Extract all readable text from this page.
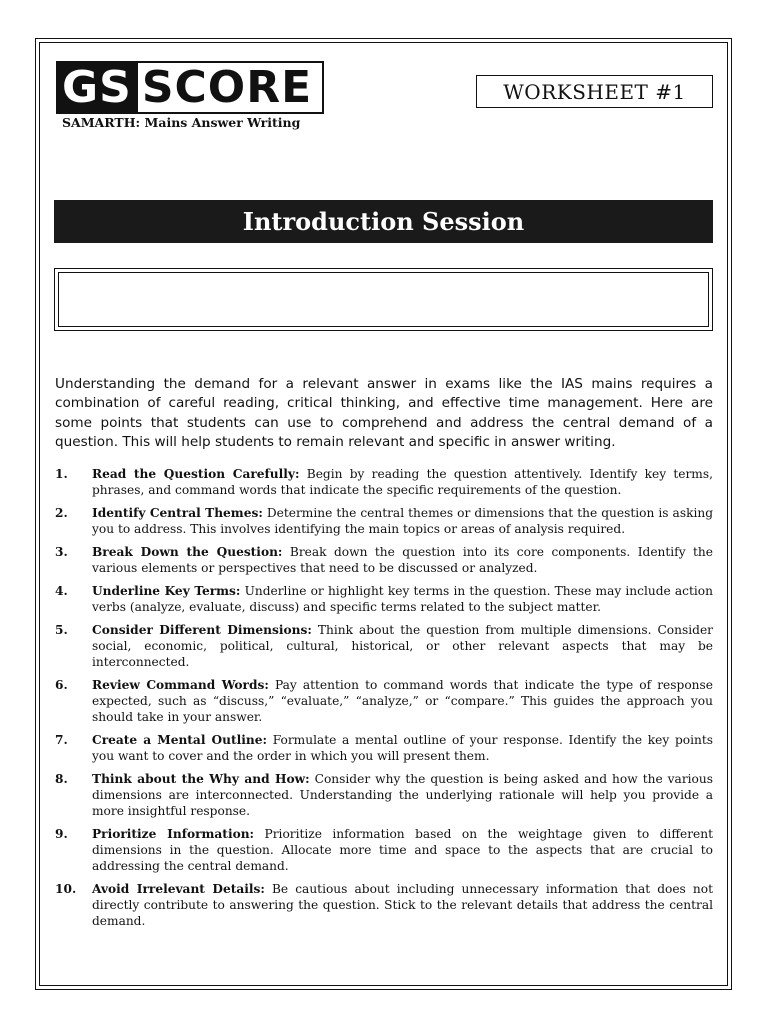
GS SCORE
SAMARTH: Mains Answer Writing
WORKSHEET #1
Introduction Session

Understanding the demand for a relevant answer in exams like the IAS mains requires a combination of careful reading, critical thinking, and effective time management. Here are some points that students can use to comprehend and address the central demand of a question. This will help students to remain relevant and specific in answer writing.

1.	Read the Question Carefully: Begin by reading the question attentively. Identify key terms, phrases, and command words that indicate the specific requirements of the question.
2.	Identify Central Themes: Determine the central themes or dimensions that the question is asking you to address. This involves identifying the main topics or areas of analysis required.
3.	Break Down the Question: Break down the question into its core components. Identify the various elements or perspectives that need to be discussed or analyzed.
4.	Underline Key Terms: Underline or highlight key terms in the question. These may include action verbs (analyze, evaluate, discuss) and specific terms related to the subject matter.
5.	Consider Different Dimensions: Think about the question from multiple dimensions. Consider social, economic, political, cultural, historical, or other relevant aspects that may be interconnected.
6.	Review Command Words: Pay attention to command words that indicate the type of response expected, such as “discuss,” “evaluate,” “analyze,” or “compare.” This guides the approach you should take in your answer.
7.	Create a Mental Outline: Formulate a mental outline of your response. Identify the key points you want to cover and the order in which you will present them.
8.	Think about the Why and How: Consider why the question is being asked and how the various dimensions are interconnected. Understanding the underlying rationale will help you provide a more insightful response.
9.	Prioritize Information: Prioritize information based on the weightage given to different dimensions in the question. Allocate more time and space to the aspects that are crucial to addressing the central demand.
10.	Avoid Irrelevant Details: Be cautious about including unnecessary information that does not directly contribute to answering the question. Stick to the relevant details that address the central demand.
